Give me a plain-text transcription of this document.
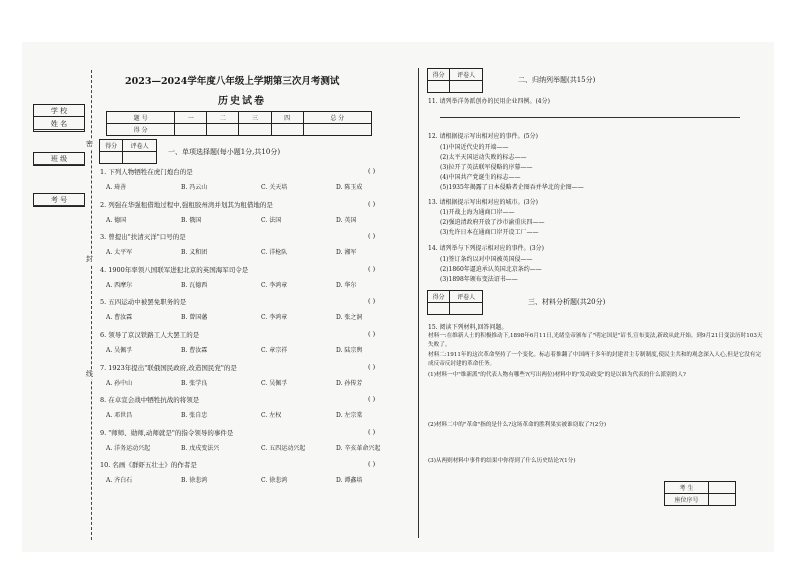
学 校
姓 名
班 级
考 号
密
封
线
2023—2024学年度八年级上学期第三次月考测试
历史试卷
题 号	一	二	三	四	总 分
得 分					
得分	评卷人

一、单项选择题(每小题1分,共10分)
1. 下列人物牺牲在虎门炮台的是	( )
A. 琦善	B. 冯云山	C. 关天培	D. 陈玉成
2. 列强在华强租借地过程中,强租胶州湾并划其为租借地的是	( )
A. 德国	B. 俄国	C. 法国	D. 英国
3. 曾提出"扶清灭洋"口号的是	( )
A. 太平军	B. 义和团	C. 洋枪队	D. 湘军
4. 1900年率领八国联军进犯北京的英国海军司令是	( )
A. 西摩尔	B. 瓦德西	C. 李鸿章	D. 华尔
5. 五四运动中被罢免职务的是	( )
A. 曹汝霖	B. 曾国藩	C. 李鸿章	D. 张之洞
6. 领导了京汉铁路工人大罢工的是	( )
A. 吴佩孚	B. 曹汝霖	C. 章宗祥	D. 陆宗舆
7. 1923年提出"联俄国民政府,改造国民党"的是	( )
A. 孙中山	B. 张学良	C. 吴佩孚	D. 孙传芳
8. 在卓宣会战中牺牲抗战的将领是	( )
A. 邓世昌	B. 张自忠	C. 左权	D. 左宗棠
9. "师师、勋师,动师就是"的指令领导的事件是	( )
A. 洋务运动兴起	B. 戊戌变法兴	C. 五四运动兴起	D. 辛亥革命兴起
10. 名画《群虾五壮士》的作者是	( )
A. 齐白石	B. 徐悲鸿	C. 徐悲鸿	D. 谭鑫培
得分	评卷人

二、归纳列举题(共15分)
11. 请列举洋务派创办的民用企业四例。(4分)
12. 请根据提示写出相对应的事件。(5分)
(1)中国近代史的开端——
(2)太平天国运动失败的标志——
(3)拉开了英法联军侵略的序幕——
(4)中国共产党诞生的标志——
(5)1935年揭露了日本侵略者企图吞并华北的企图——
13. 请根据提示写出相对应的城市。(3分)
(1)开战上海为通商口岸——
(2)强迫清政府开放了沙市渝重庆四——
(3)允许日本在通商口岸开设工厂——
14. 请列举与下列提示相对应的事件。(3分)
(1)签订条约以对中国被英国侵——
(2)1860年逼迫承认英国北京条约——
(3)1898年颁布变法诏书——
得分	评卷人

三、材料分析题(共20分)
15. 阅读下列材料,回答问题。
材料一:在维新人士的积极推动下,1898年6月11日,光绪皇帝颁布了"明定国是"诏书,宣布变法,新政从此开始。到9月21日变法历时103天失败了。
材料二:1911年的这次革命坚持了一个变化。标志着推翻了中国两千多年的封建君主专制制度,使民主共和的观念深入人心,但是它没有完成反帝反封建的革命任务。
(1)材料一中"维新派"的代表人物有哪些?(写出两位)材料中的"发动政变"的是以谁为代表的什么派别的人?
(2)材料二中的"革命"指的是什么?这场革命的胜利果实被谁窃取了?(2分)
(3)从两则材料中事件的结果中你得到了什么历史结论?(1分)
考 生	
座位序号	
